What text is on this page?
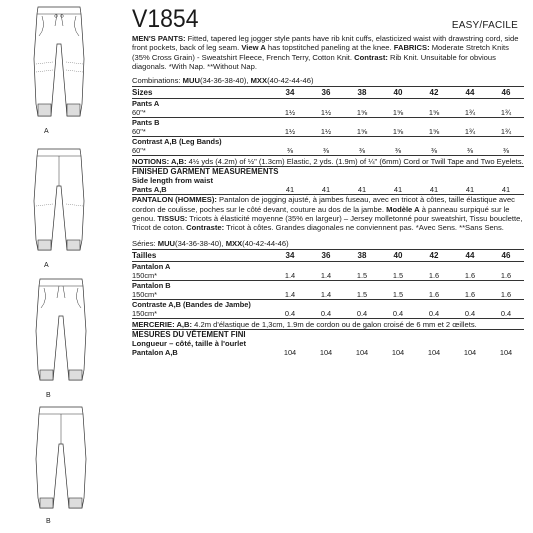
A
A
B
B
V1854	EASY/FACILE
MEN'S PANTS: Fitted, tapered leg jogger style pants have rib knit cuffs, elasticized waist with drawstring cord, side front pockets, back of leg seam. View A has topstitched paneling at the knee. FABRICS: Moderate Stretch Knits (35% Cross Grain) - Sweatshirt Fleece, French Terry, Cotton Knit. Contrast: Rib Knit. Unsuitable for obvious diagonals. *With Nap. **Without Nap.
Combinations: MUU(34-36-38-40), MXX(40-42-44-46)
Sizes	34	36	38	40	42	44	46
Pants A							
60"*	1½	1½	1⅝	1⅝	1⅝	1¾	1¾
Pants B							
60"*	1½	1½	1⅝	1⅝	1⅝	1¾	1¾
Contrast A,B (Leg Bands)							
60"*	⅜	⅜	⅜	⅜	⅜	⅜	⅜
NOTIONS: A,B: 4½ yds (4.2m) of ½" (1.3cm) Elastic, 2 yds. (1.9m) of ¼" (6mm) Cord or Twill Tape and Two Eyelets.
FINISHED GARMENT MEASUREMENTS
Side length from waist
Pants A,B	41	41	41	41	41	41	41
PANTALON (HOMMES): Pantalon de jogging ajusté, à jambes fuseau, avec en tricot à côtes, taille élastique avec cordon de coulisse, poches sur le côté devant, couture au dos de la jambe. Modèle A à panneau surpiqué sur le genou. TISSUS: Tricots à élasticité moyenne (35% en largeur) – Jersey molletonné pour sweatshirt, Tissu bouclette, Tricot de coton. Contraste: Tricot à côtes. Grandes diagonales ne conviennent pas. *Avec Sens. **Sans Sens.
Séries: MUU(34-36-38-40), MXX(40-42-44-46)
Tailles	34	36	38	40	42	44	46
Pantalon A							
150cm*	1.4	1.4	1.5	1.5	1.6	1.6	1.6
Pantalon B							
150cm*	1.4	1.4	1.5	1.5	1.6	1.6	1.6
Contraste A,B (Bandes de Jambe)							
150cm*	0.4	0.4	0.4	0.4	0.4	0.4	0.4
MERCERIE: A,B: 4.2m d'élastique de 1,3cm, 1.9m de cordon ou de galon croisé de 6 mm et 2 œillets.
MESURES DU VÊTEMENT FINI
Longueur – côté, taille à l'ourlet
Pantalon A,B	104	104	104	104	104	104	104
